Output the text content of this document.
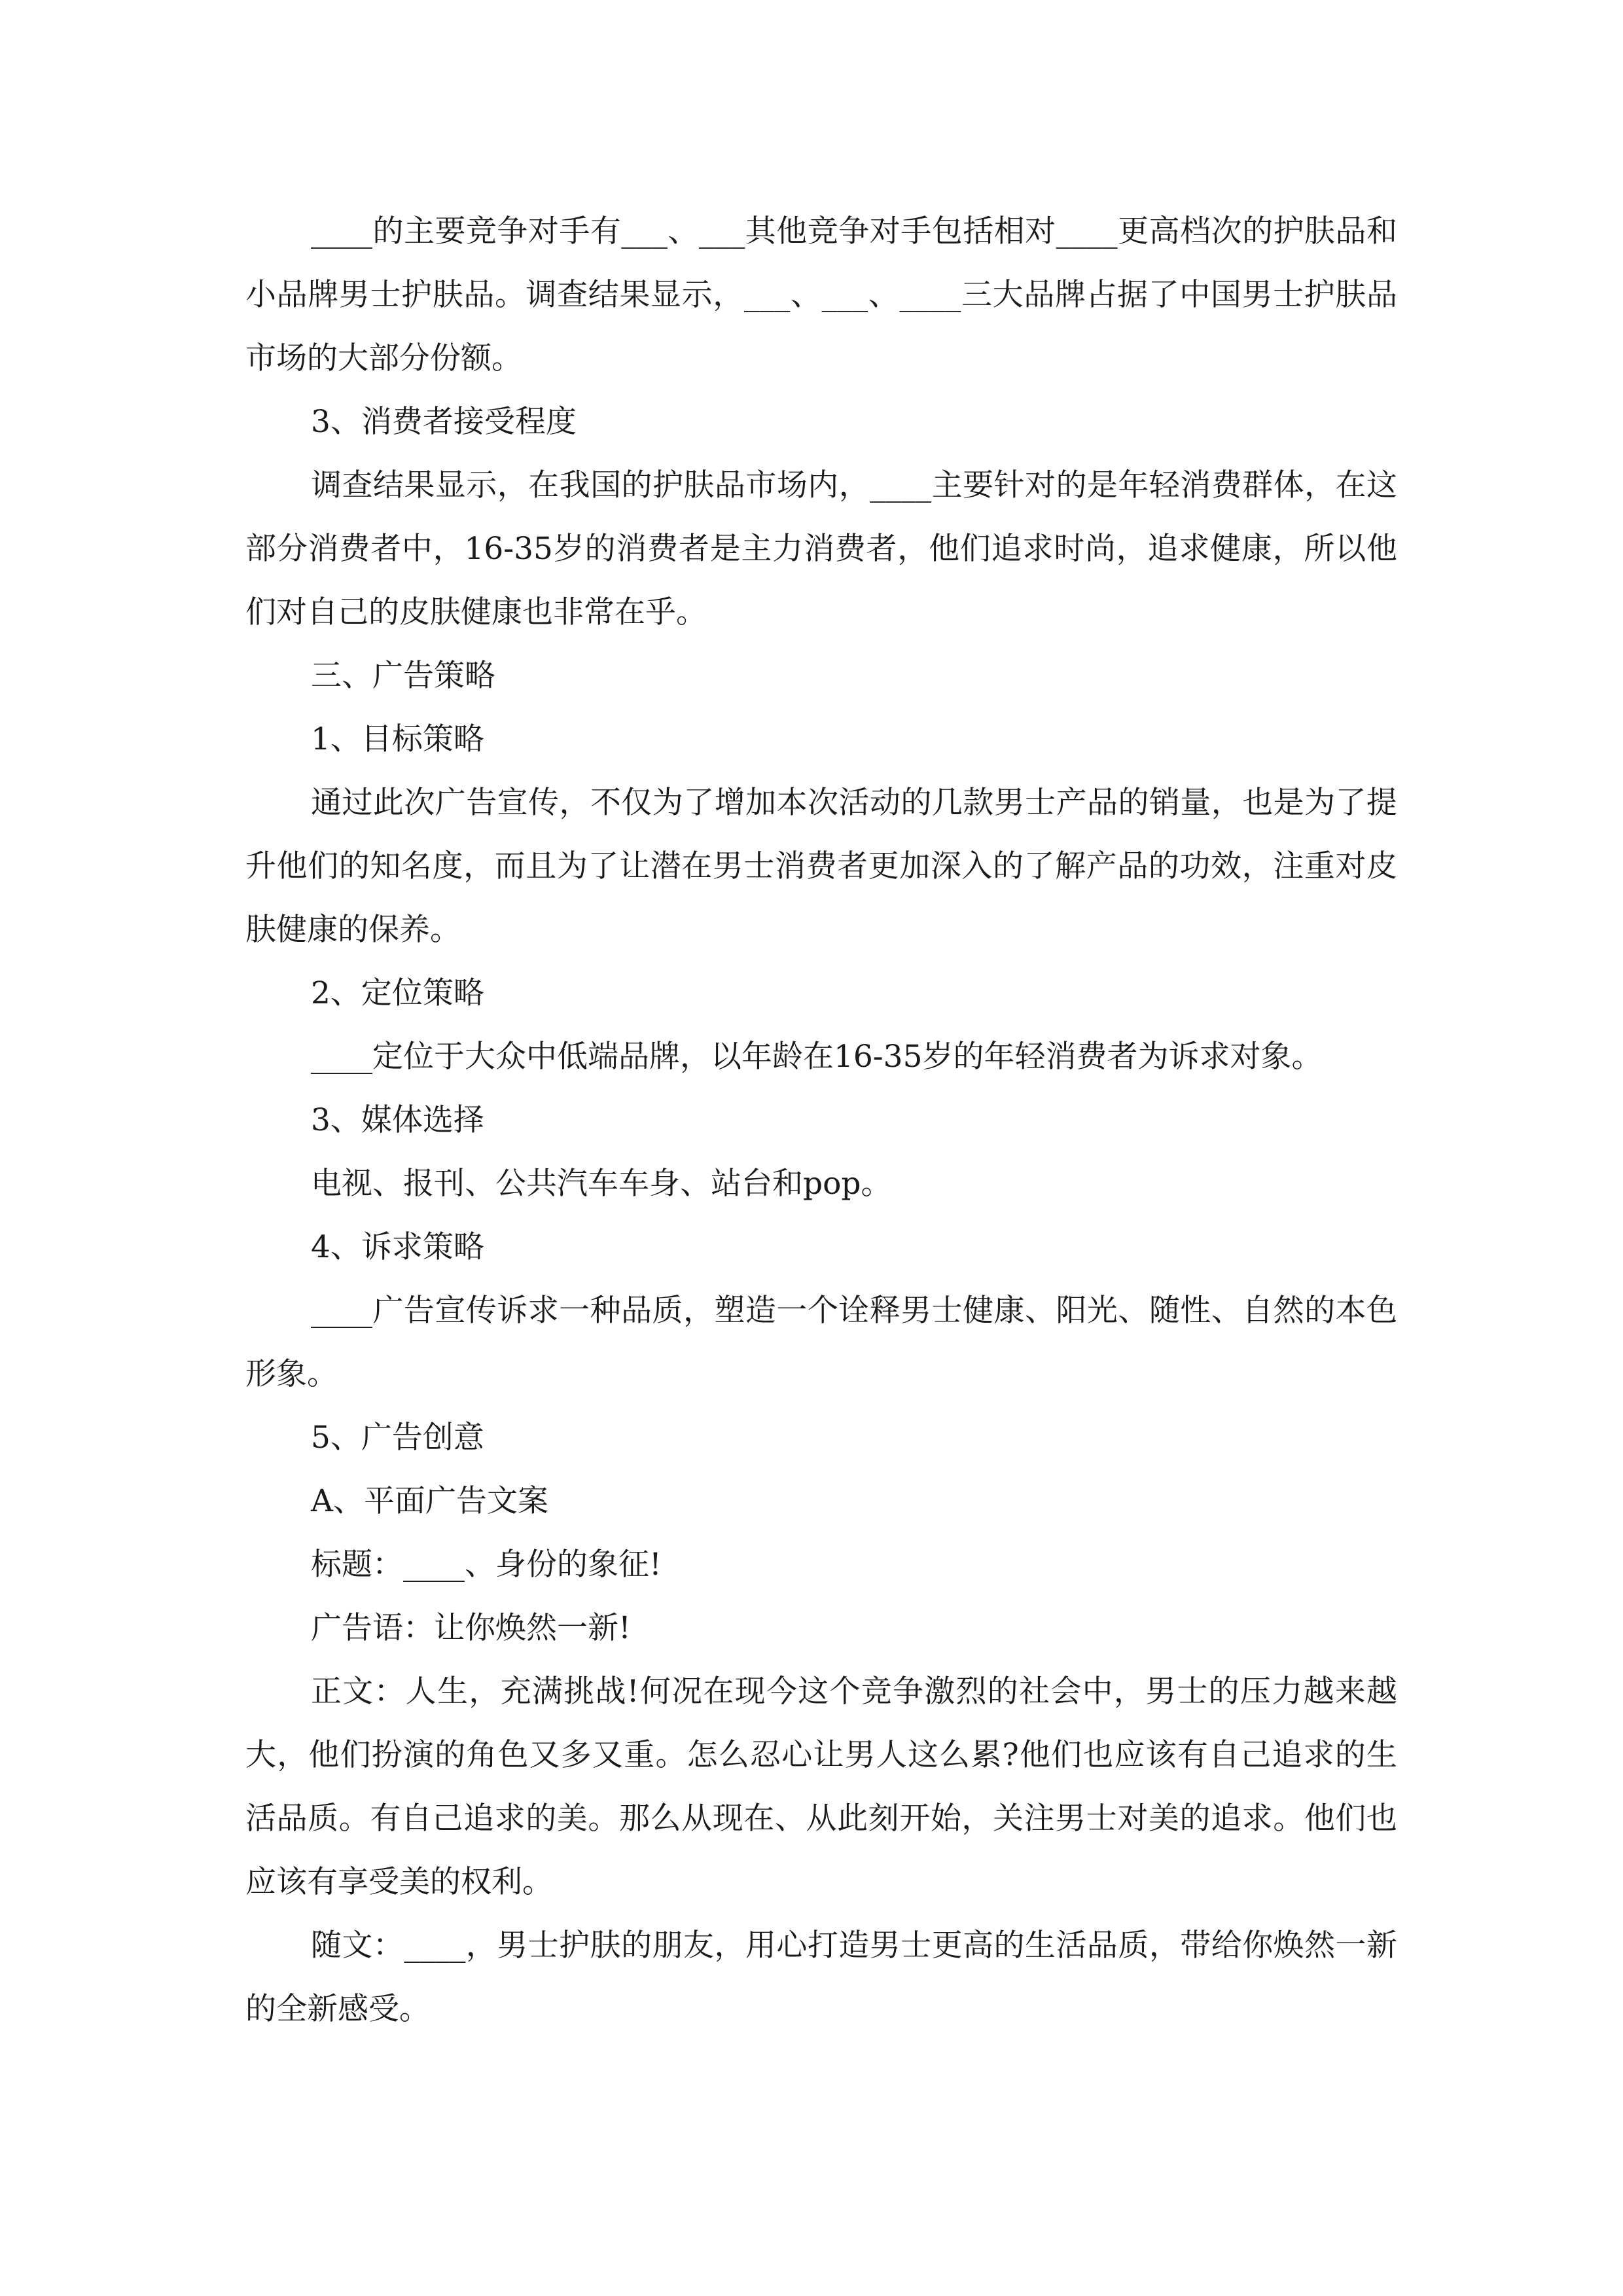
____的主要竞争对手有___、___其他竞争对手包括相对____更高档次的护肤品和小品牌男士护肤品。调查结果显示，___、___、____三大品牌占据了中国男士护肤品市场的大部分份额。

3、消费者接受程度

调查结果显示，在我国的护肤品市场内，____主要针对的是年轻消费群体，在这部分消费者中，16-35岁的消费者是主力消费者，他们追求时尚，追求健康，所以他们对自己的皮肤健康也非常在乎。

三、广告策略

1、目标策略

通过此次广告宣传，不仅为了增加本次活动的几款男士产品的销量，也是为了提升他们的知名度，而且为了让潜在男士消费者更加深入的了解产品的功效，注重对皮肤健康的保养。

2、定位策略

____定位于大众中低端品牌，以年龄在16-35岁的年轻消费者为诉求对象。

3、媒体选择

电视、报刊、公共汽车车身、站台和pop。

4、诉求策略

____广告宣传诉求一种品质，塑造一个诠释男士健康、阳光、随性、自然的本色形象。

5、广告创意

A、平面广告文案

标题：____、身份的象征!

广告语：让你焕然一新!

正文：人生，充满挑战!何况在现今这个竞争激烈的社会中，男士的压力越来越大，他们扮演的角色又多又重。怎么忍心让男人这么累?他们也应该有自己追求的生活品质。有自己追求的美。那么从现在、从此刻开始，关注男士对美的追求。他们也应该有享受美的权利。

随文：____，男士护肤的朋友，用心打造男士更高的生活品质，带给你焕然一新的全新感受。
